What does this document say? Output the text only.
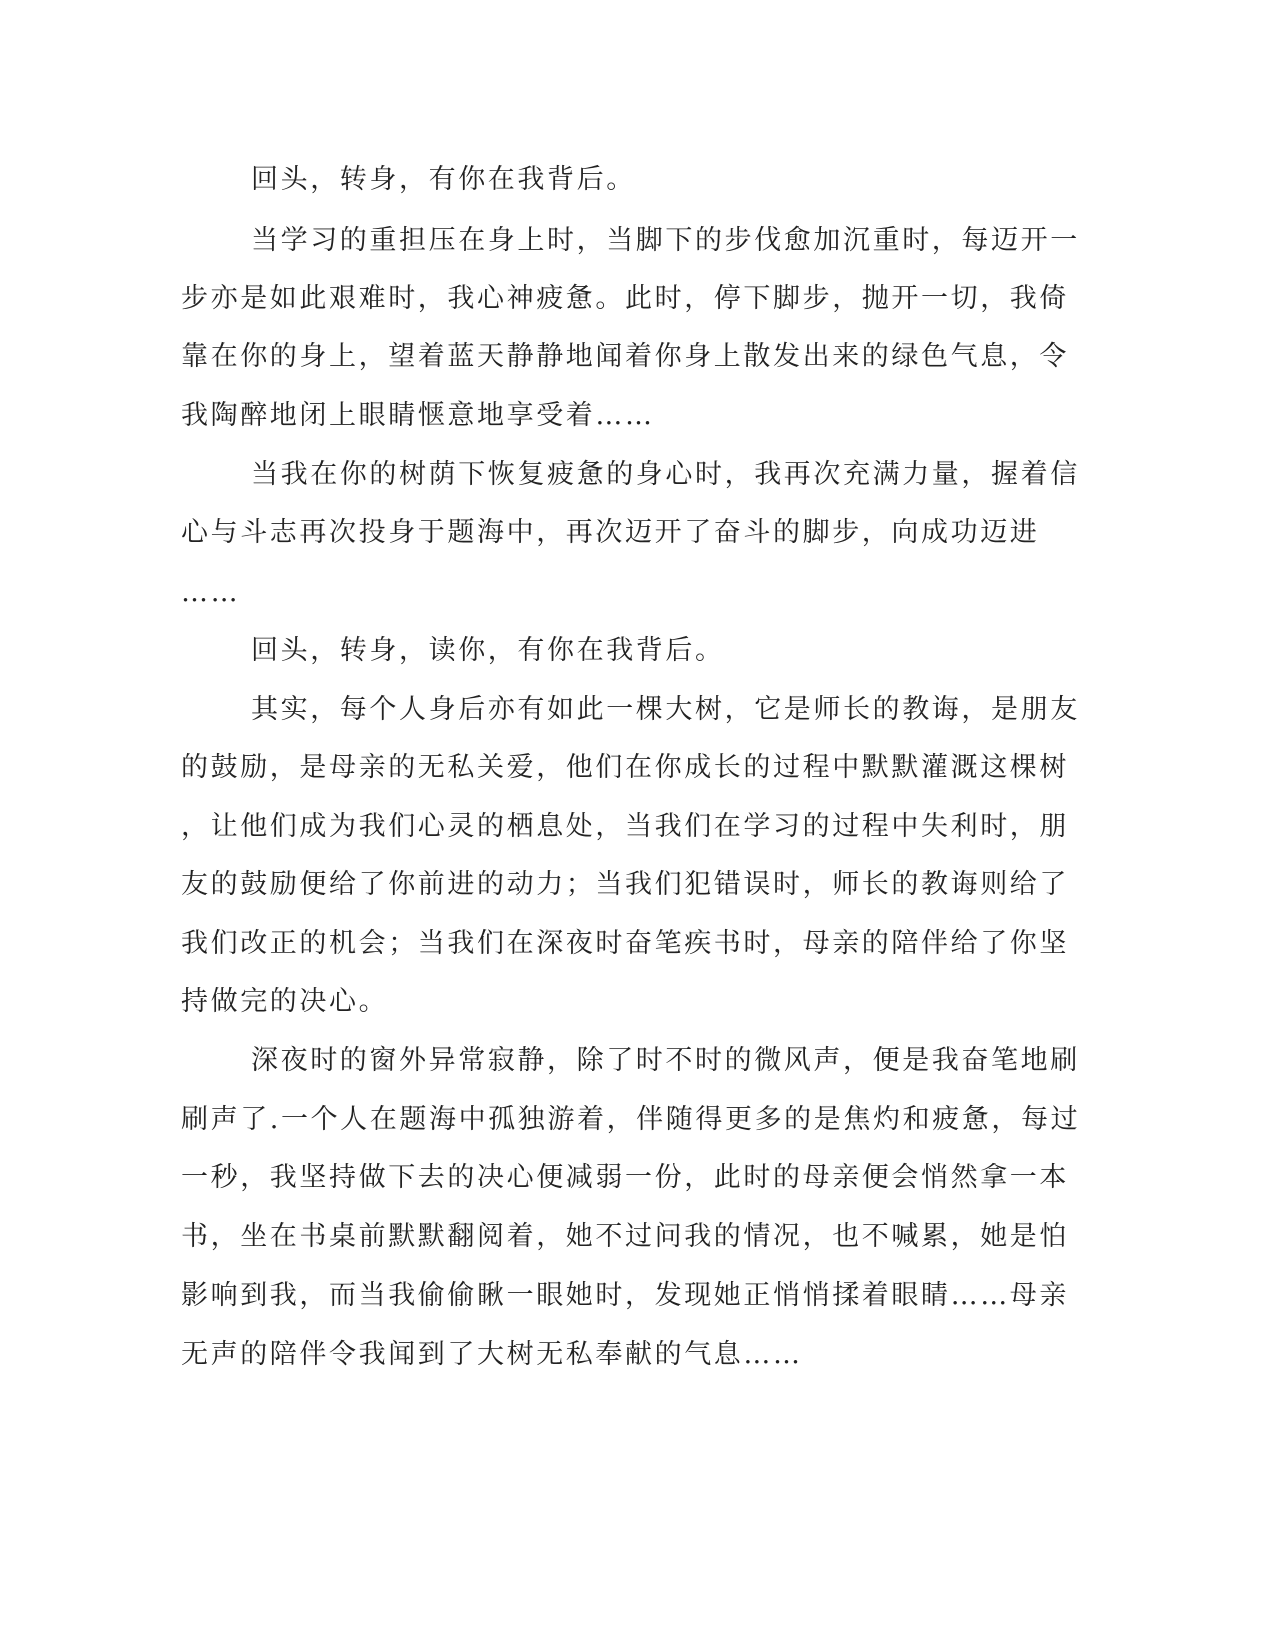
回头，转身，有你在我背后。
当学习的重担压在身上时，当脚下的步伐愈加沉重时，每迈开一
步亦是如此艰难时，我心神疲惫。此时，停下脚步，抛开一切，我倚
靠在你的身上，望着蓝天静静地闻着你身上散发出来的绿色气息，令
我陶醉地闭上眼睛惬意地享受着……
当我在你的树荫下恢复疲惫的身心时，我再次充满力量，握着信
心与斗志再次投身于题海中，再次迈开了奋斗的脚步，向成功迈进
……
回头，转身，读你，有你在我背后。
其实，每个人身后亦有如此一棵大树，它是师长的教诲，是朋友
的鼓励，是母亲的无私关爱，他们在你成长的过程中默默灌溉这棵树
，让他们成为我们心灵的栖息处，当我们在学习的过程中失利时，朋
友的鼓励便给了你前进的动力；当我们犯错误时，师长的教诲则给了
我们改正的机会；当我们在深夜时奋笔疾书时，母亲的陪伴给了你坚
持做完的决心。
深夜时的窗外异常寂静，除了时不时的微风声，便是我奋笔地刷
刷声了.一个人在题海中孤独游着，伴随得更多的是焦灼和疲惫，每过
一秒，我坚持做下去的决心便减弱一份，此时的母亲便会悄然拿一本
书，坐在书桌前默默翻阅着，她不过问我的情况，也不喊累，她是怕
影响到我，而当我偷偷瞅一眼她时，发现她正悄悄揉着眼睛……母亲
无声的陪伴令我闻到了大树无私奉献的气息……
